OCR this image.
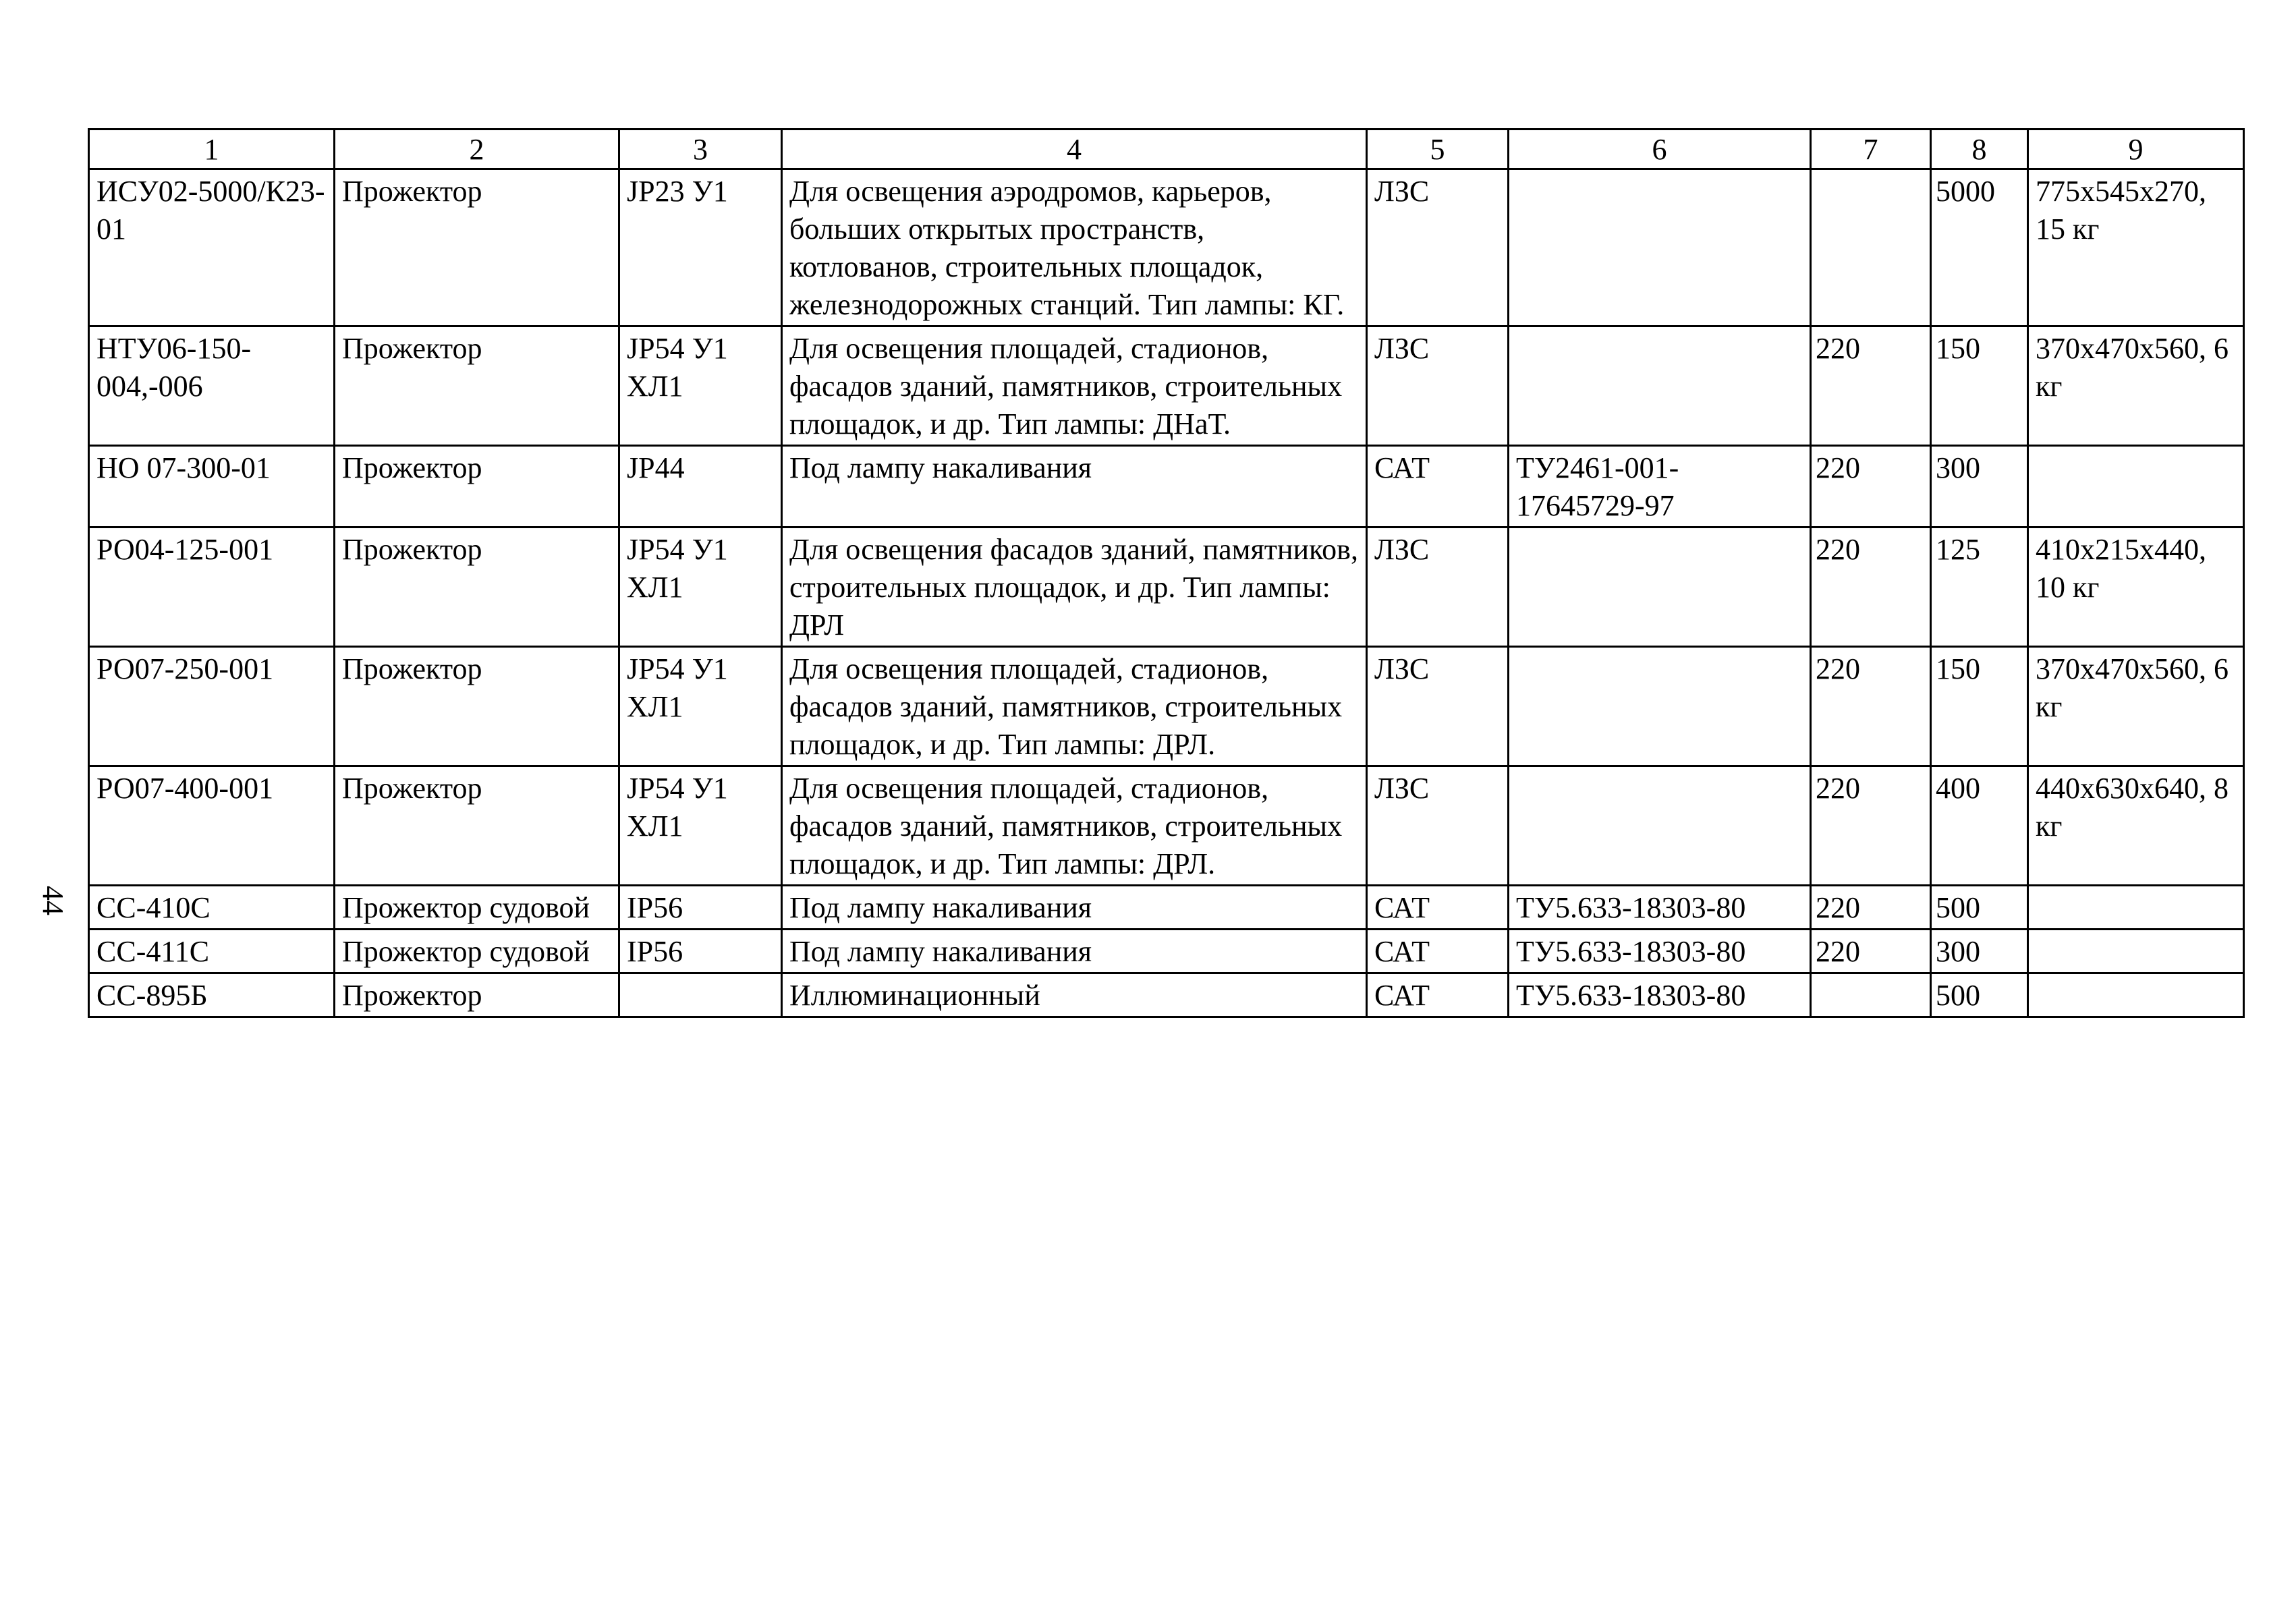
44
1	2	3	4	5	6	7	8	9
ИСУ02-5000/К23-01	Прожектор	JР23 У1	Для освещения аэродромов, карьеров, больших открытых пространств, котлованов, строительных площадок, железнодорожных станций. Тип лампы: КГ.	ЛЗС			5000	775x545x270, 15 кг
НТУ06-150-004,-006	Прожектор	JР54 У1 ХЛ1	Для освещения площадей, стадионов, фасадов зданий, памятников, строительных площадок, и др. Тип лампы: ДНаТ.	ЛЗС		220	150	370x470x560, 6 кг
НО 07-300-01	Прожектор	JР44	Под лампу накаливания	САТ	ТУ2461-001-17645729-97	220	300	
РО04-125-001	Прожектор	JР54 У1 ХЛ1	Для освещения фасадов зданий, памятников, строительных площадок, и др. Тип лампы: ДРЛ	ЛЗС		220	125	410x215x440, 10 кг
РО07-250-001	Прожектор	JР54 У1 ХЛ1	Для освещения площадей, стадионов, фасадов зданий, памятников, строительных площадок, и др. Тип лампы: ДРЛ.	ЛЗС		220	150	370x470x560, 6 кг
РО07-400-001	Прожектор	JР54 У1 ХЛ1	Для освещения площадей, стадионов, фасадов зданий, памятников, строительных площадок, и др. Тип лампы: ДРЛ.	ЛЗС		220	400	440x630x640, 8 кг
СС-410С	Прожектор судовой	IР56	Под лампу накаливания	САТ	ТУ5.633-18303-80	220	500	
СС-411С	Прожектор судовой	IР56	Под лампу накаливания	САТ	ТУ5.633-18303-80	220	300	
СС-895Б	Прожектор		Иллюминационный	САТ	ТУ5.633-18303-80		500	
